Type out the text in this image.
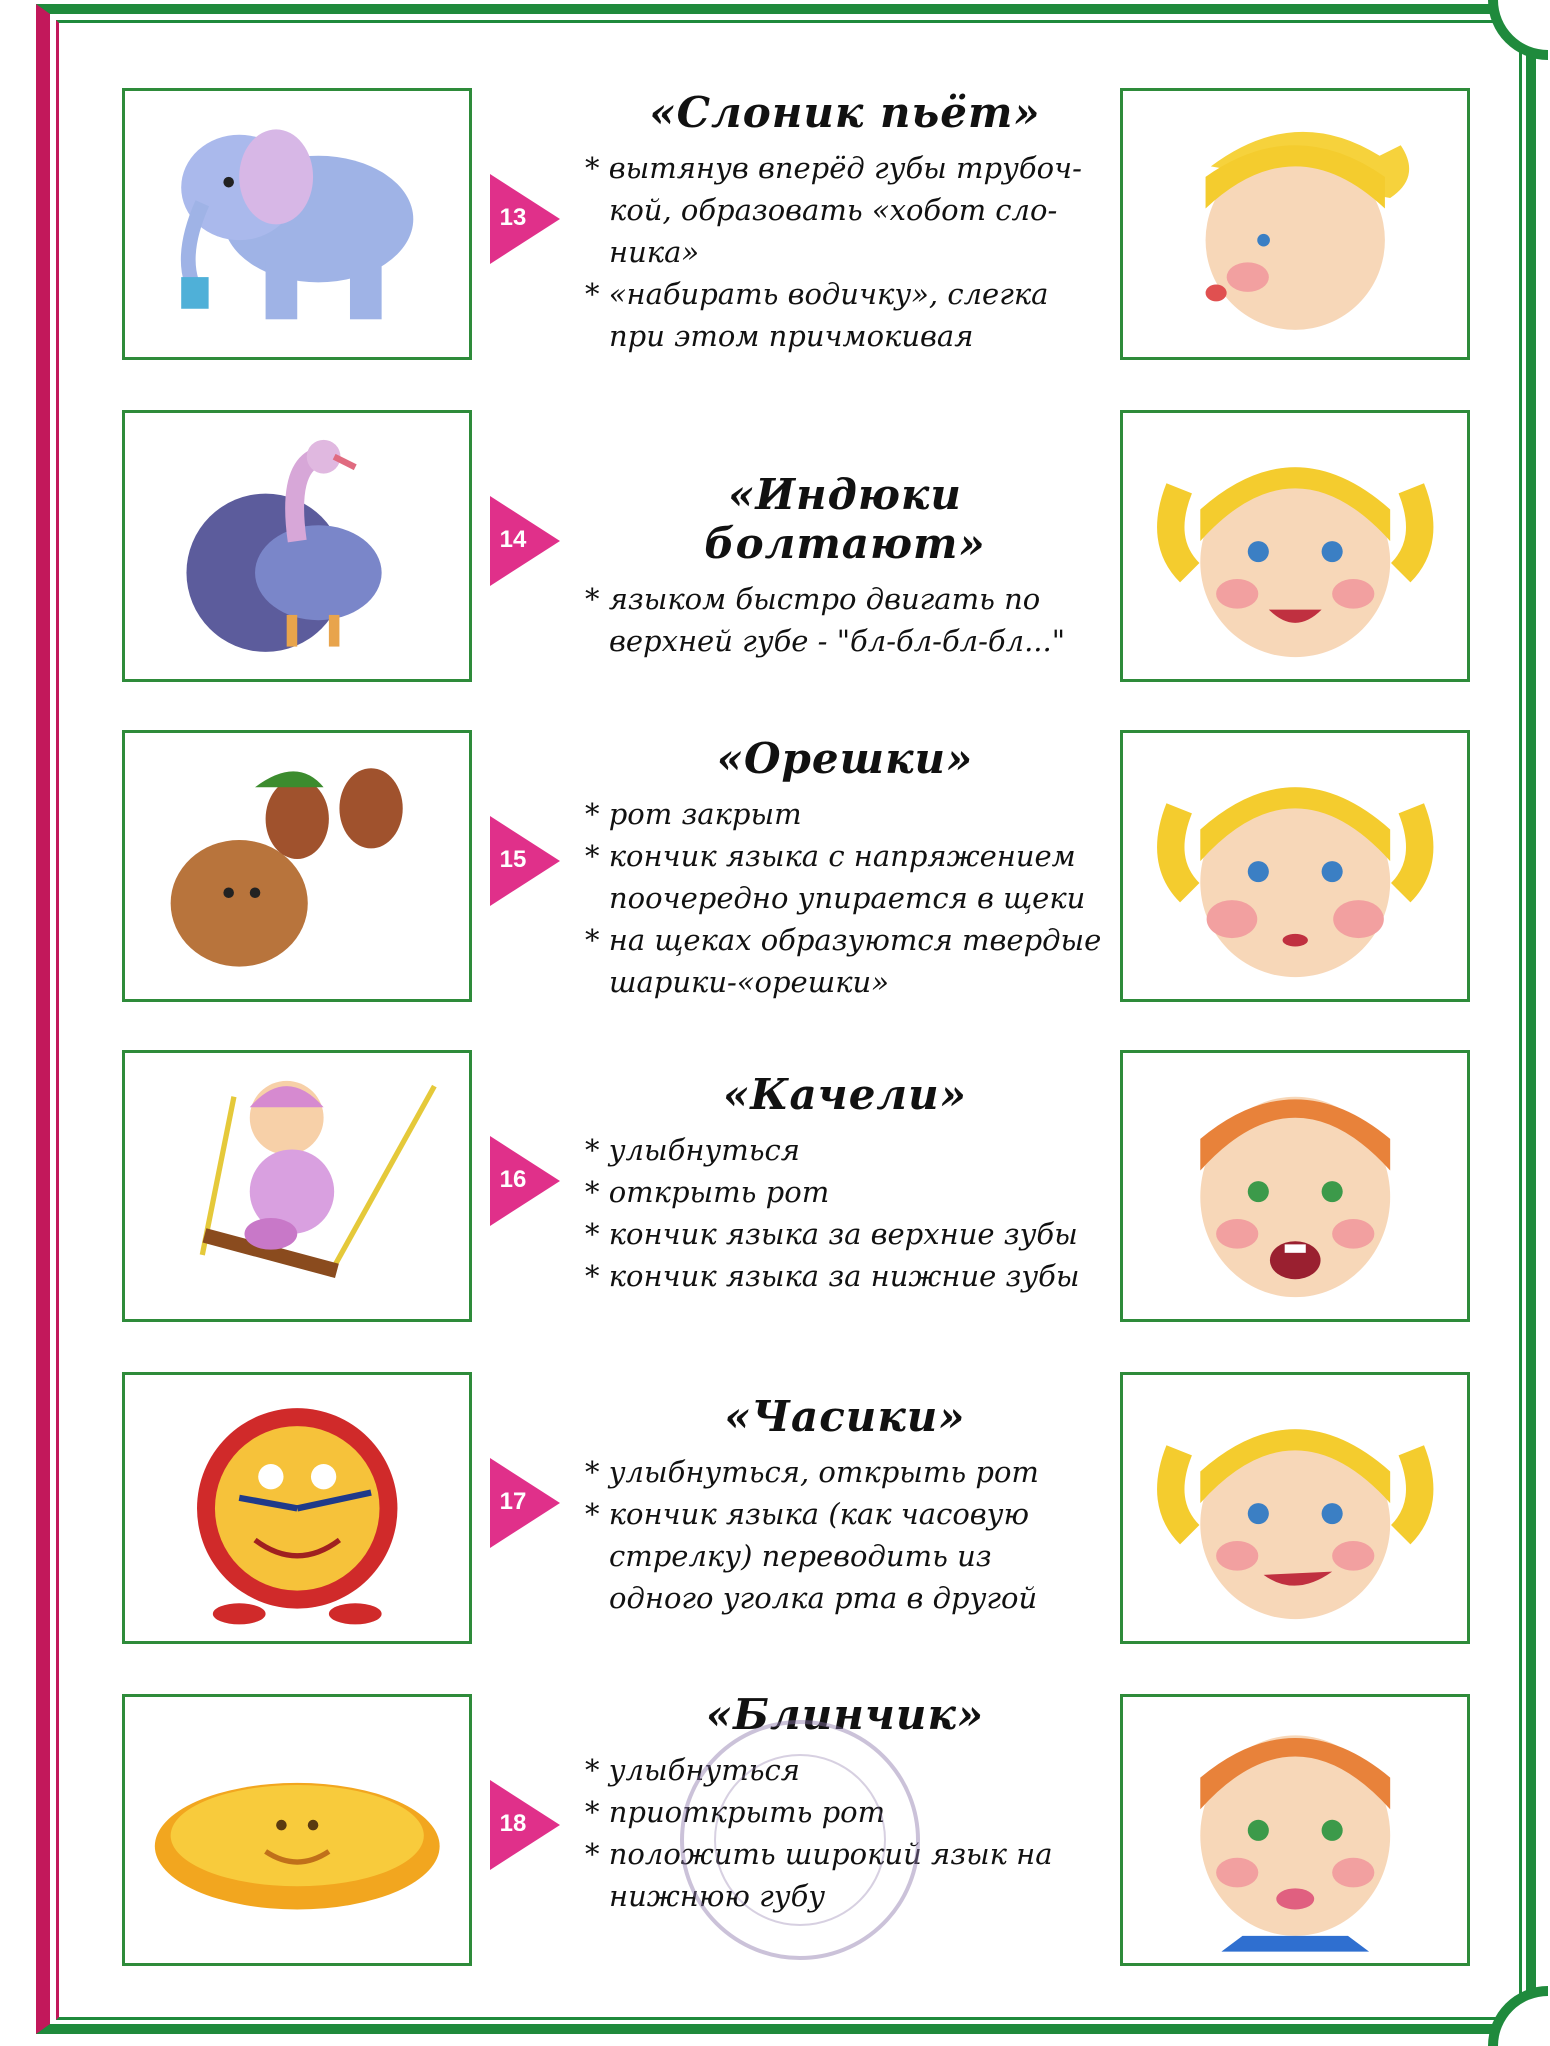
13
«Слоник пьёт»
* вытянув вперёд губы трубоч-кой, образовать «хобот сло-ника»
* «набирать водичку», слегка при этом причмокивая
14
«Индюки болтают»
* языком быстро двигать по верхней губе - "бл-бл-бл-бл..."
15
«Орешки»
* рот закрыт
* кончик языка с напряжением поочередно упирается в щеки
* на щеках образуются твердые шарики-«орешки»
16
«Качели»
* улыбнуться
* открыть рот
* кончик языка за верхние зубы
* кончик языка за нижние зубы
17
«Часики»
* улыбнуться, открыть рот
* кончик языка (как часовую стрелку) переводить из одного уголка рта в другой
18
«Блинчик»
* улыбнуться
* приоткрыть рот
* положить широкий язык на нижнюю губу
